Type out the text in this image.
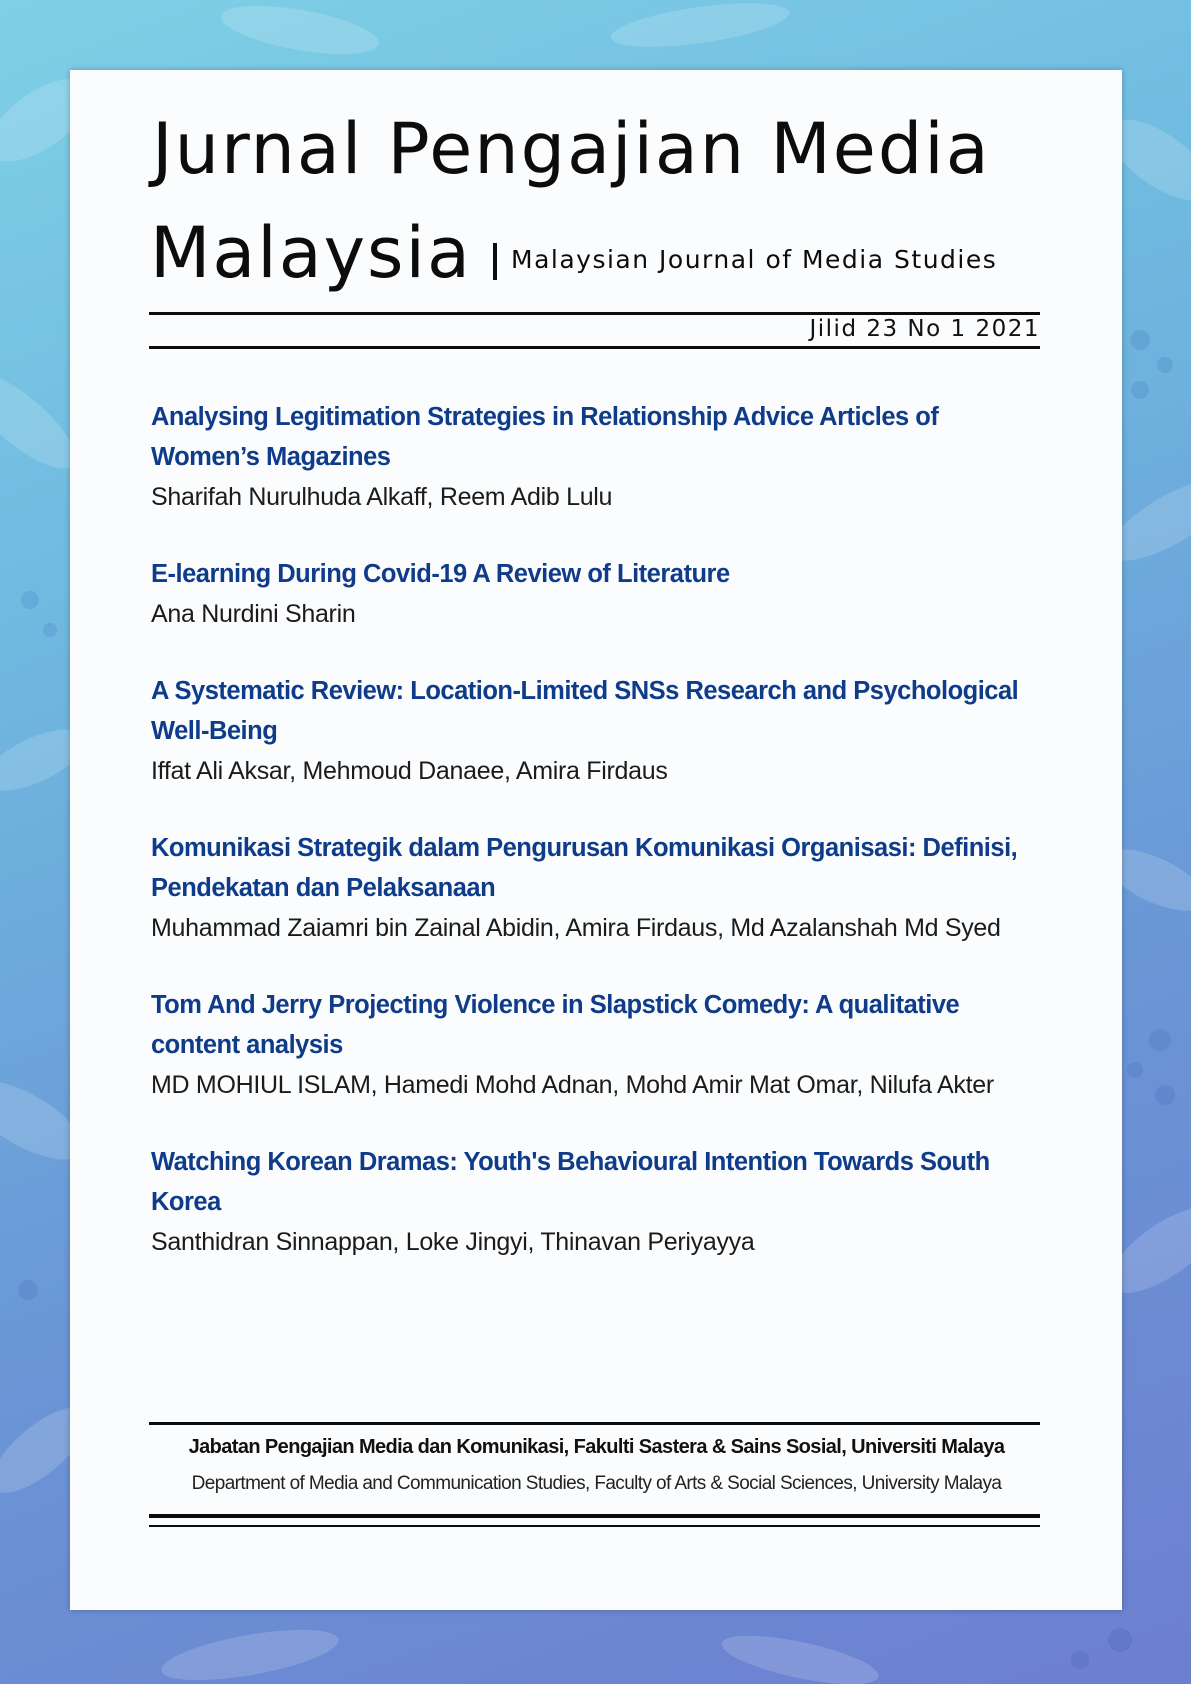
Jurnal Pengajian Media
Malaysia Malaysian Journal of Media Studies

Jilid 23 No 1 2021

Analysing Legitimation Strategies in Relationship Advice Articles of Women’s Magazines

Sharifah Nurulhuda Alkaff, Reem Adib Lulu

E-learning During Covid-19 A Review of Literature

Ana Nurdini Sharin

A Systematic Review: Location-Limited SNSs Research and Psychological Well-Being

Iffat Ali Aksar, Mehmoud Danaee, Amira Firdaus

Komunikasi Strategik dalam Pengurusan Komunikasi Organisasi: Definisi, Pendekatan dan Pelaksanaan

Muhammad Zaiamri bin Zainal Abidin, Amira Firdaus, Md Azalanshah Md Syed

Tom And Jerry Projecting Violence in Slapstick Comedy: A qualitative content analysis

MD MOHIUL ISLAM, Hamedi Mohd Adnan, Mohd Amir Mat Omar, Nilufa Akter

Watching Korean Dramas: Youth's Behavioural Intention Towards South Korea

Santhidran Sinnappan, Loke Jingyi, Thinavan Periyayya

Jabatan Pengajian Media dan Komunikasi, Fakulti Sastera & Sains Sosial, Universiti Malaya

Department of Media and Communication Studies, Faculty of Arts & Social Sciences, University Malaya
